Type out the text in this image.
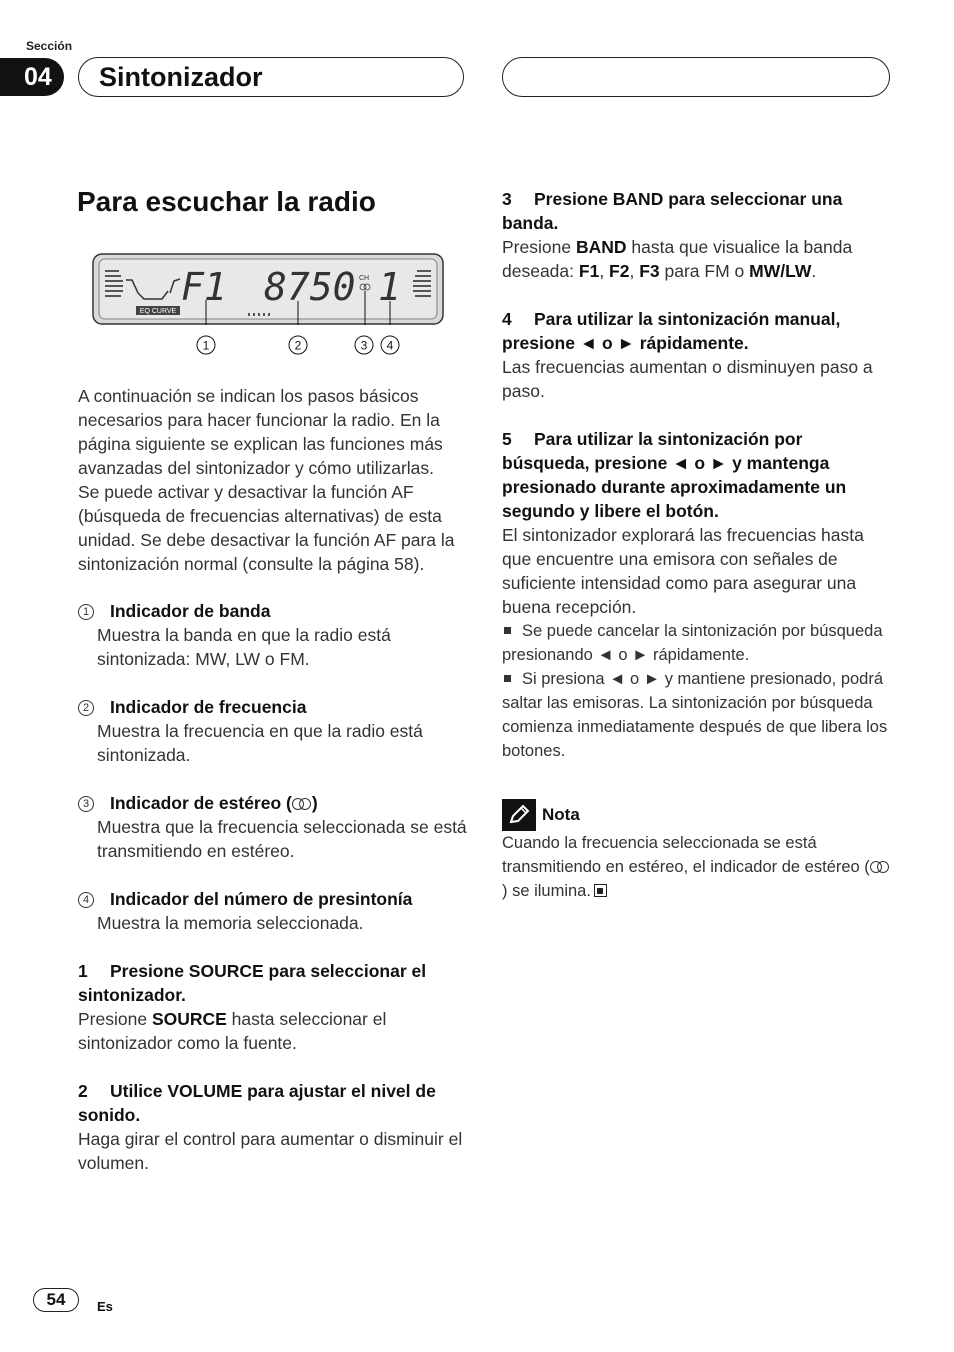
Sección
04	Sintonizador
Para escuchar la radio
EQ CURVE
F1 8750 CH 1
1	2	3 4

A continuación se indican los pasos básicos necesarios para hacer funcionar la radio. En la página siguiente se explican las funciones más avanzadas del sintonizador y cómo utilizarlas.

Se puede activar y desactivar la función AF (búsqueda de frecuencias alternativas) de esta unidad. Se debe desactivar la función AF para la sintonización normal (consulte la página 58).

1 Indicador de banda
Muestra la banda en que la radio está sintonizada: MW, LW o FM.
2 Indicador de frecuencia
Muestra la frecuencia en que la radio está sintonizada.
3 Indicador de estéreo ( )
Muestra que la frecuencia seleccionada se está transmitiendo en estéreo.
4 Indicador del número de presintonía
Muestra la memoria seleccionada.
1 Presione SOURCE para seleccionar el sintonizador.

Presione SOURCE hasta seleccionar el sintonizador como la fuente.

2 Utilice VOLUME para ajustar el nivel de sonido.

Haga girar el control para aumentar o disminuir el volumen.

3 Presione BAND para seleccionar una banda.

Presione BAND hasta que visualice la banda deseada: F1, F2, F3 para FM o MW/LW.

4 Para utilizar la sintonización manual, presione ◄ o ► rápidamente.

Las frecuencias aumentan o disminuyen paso a paso.

5 Para utilizar la sintonización por búsqueda, presione ◄ o ► y mantenga presionado durante aproximadamente un segundo y libere el botón.

El sintonizador explorará las frecuencias hasta que encuentre una emisora con señales de suficiente intensidad como para asegurar una buena recepción.

Se puede cancelar la sintonización por búsqueda presionando ◄ o ► rápidamente.
Si presiona ◄ o ► y mantiene presionado, podrá saltar las emisoras. La sintonización por búsqueda comienza inmediatamente después de que libera los botones.
Nota

Cuando la frecuencia seleccionada se está transmitiendo en estéreo, el indicador de estéreo () se ilumina.

54	Es
